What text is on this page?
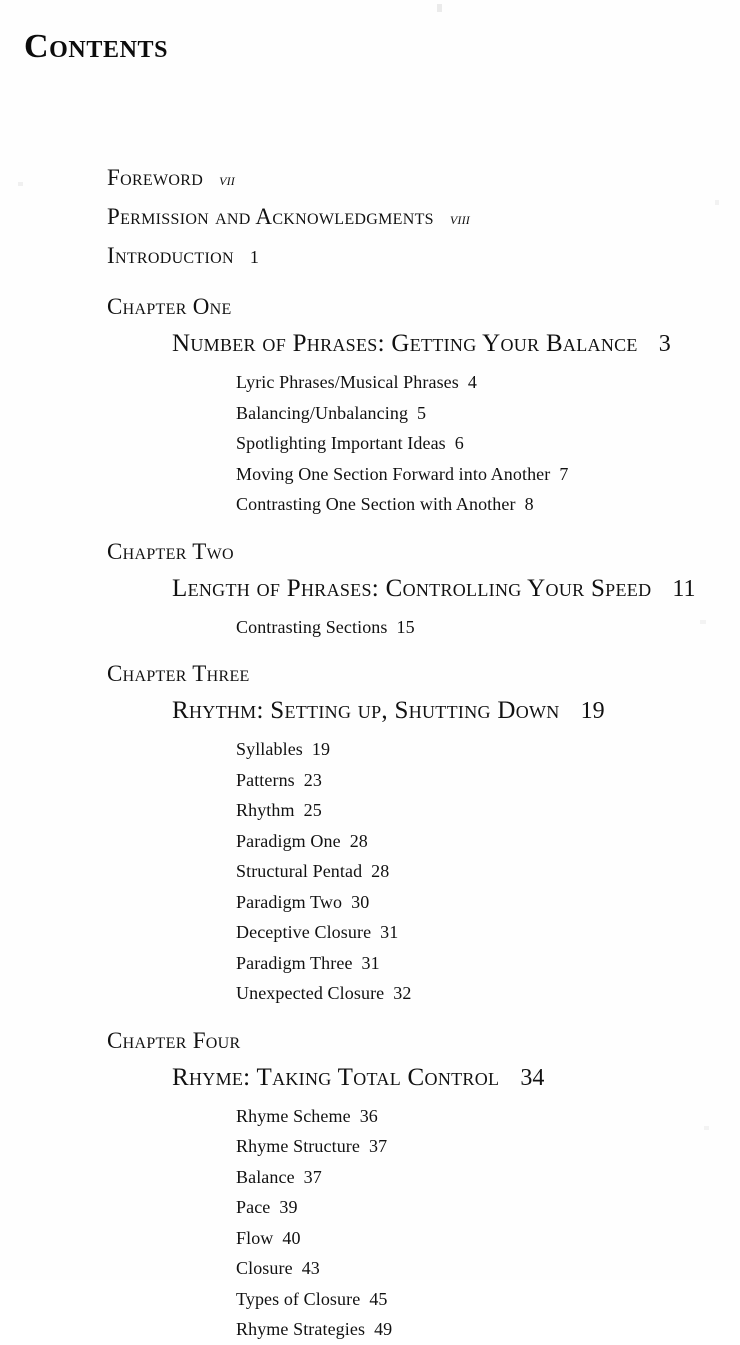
Contents
Foreword vii
Permission and Acknowledgments viii
Introduction 1
Chapter One
Number of Phrases: Getting Your Balance 3
Lyric Phrases/Musical Phrases 4
Balancing/Unbalancing 5
Spotlighting Important Ideas 6
Moving One Section Forward into Another 7
Contrasting One Section with Another 8
Chapter Two
Length of Phrases: Controlling Your Speed 11
Contrasting Sections 15
Chapter Three
Rhythm: Setting up, Shutting Down 19
Syllables 19
Patterns 23
Rhythm 25
Paradigm One 28
Structural Pentad 28
Paradigm Two 30
Deceptive Closure 31
Paradigm Three 31
Unexpected Closure 32
Chapter Four
Rhyme: Taking Total Control 34
Rhyme Scheme 36
Rhyme Structure 37
Balance 37
Pace 39
Flow 40
Closure 43
Types of Closure 45
Rhyme Strategies 49
